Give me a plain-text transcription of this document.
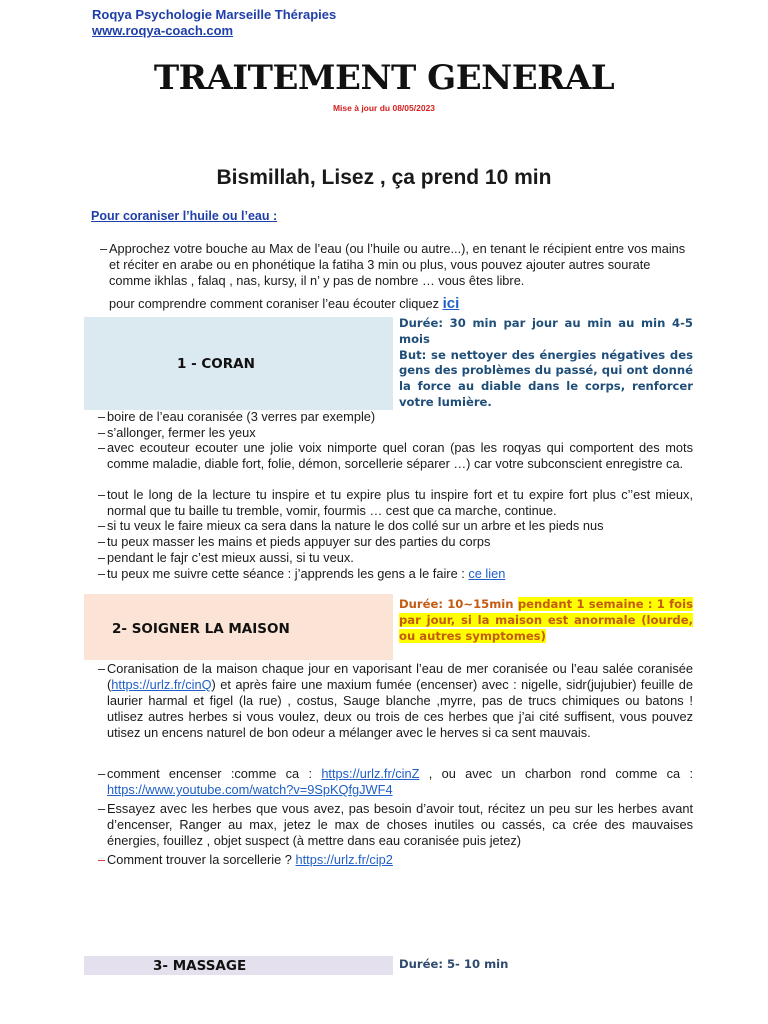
Roqya Psychologie Marseille Thérapies
www.roqya-coach.com
TRAITEMENT GENERAL
Mise à jour du 08/05/2023
Bismillah, Lisez , ça prend 10 min
Pour coraniser l’huile ou l’eau :
– Approchez votre bouche au Max de l’eau (ou l’huile ou autre...), en tenant le récipient entre vos mains et réciter en arabe ou en phonétique la fatiha 3 min ou plus, vous pouvez ajouter autres sourate comme ikhlas , falaq , nas, kursy, il n’ y pas de nombre … vous êtes libre.
pour comprendre comment coraniser l’eau écouter cliquez ici
1 - CORAN
Durée: 30 min par jour au min au min 4-5 mois
But: se nettoyer des énergies négatives des gens des problèmes du passé, qui ont donné la force au diable dans le corps, renforcer votre lumière.
– boire de l’eau coranisée (3 verres par exemple)
– s’allonger, fermer les yeux
– avec ecouteur ecouter une jolie voix nimporte quel coran (pas les roqyas qui comportent des mots comme maladie, diable fort, folie, démon, sorcellerie séparer …) car votre subconscient enregistre ca.
– tout le long de la lecture tu inspire et tu expire plus tu inspire fort et tu expire fort plus c’’est mieux, normal que tu baille tu tremble, vomir, fourmis … cest que ca marche, continue.
– si tu veux le faire mieux ca sera dans la nature le dos collé sur un arbre et les pieds nus
– tu peux masser les mains et pieds appuyer sur des parties du corps
– pendant le fajr c’est mieux aussi, si tu veux.
– tu peux me suivre cette séance : j’apprends les gens a le faire : ce lien
2- SOIGNER LA MAISON
Durée: 10~15min pendant 1 semaine : 1 fois par jour, si la maison est anormale (lourde, ou autres symptomes)
– Coranisation de la maison chaque jour en vaporisant l’eau de mer coranisée ou l’eau salée coranisée (https://urlz.fr/cinQ) et après faire une maxium fumée (encenser) avec : nigelle, sidr(jujubier) feuille de laurier harmal et figel (la rue) , costus, Sauge blanche ,myrre, pas de trucs chimiques ou batons ! utlisez autres herbes si vous voulez, deux ou trois de ces herbes que j’ai cité suffisent, vous pouvez utisez un encens naturel de bon odeur a mélanger avec le herves si ca sent mauvais.
– comment encenser :comme ca : https://urlz.fr/cinZ , ou avec un charbon rond comme ca : https://www.youtube.com/watch?v=9SpKQfgJWF4
– Essayez avec les herbes que vous avez, pas besoin d’avoir tout, récitez un peu sur les herbes avant d’encenser, Ranger au max, jetez le max de choses inutiles ou cassés, ca crée des mauvaises énergies, fouillez , objet suspect (à mettre dans eau coranisée puis jetez)
– Comment trouver la sorcellerie ? https://urlz.fr/cip2
3- MASSAGE	Durée: 5- 10 min
